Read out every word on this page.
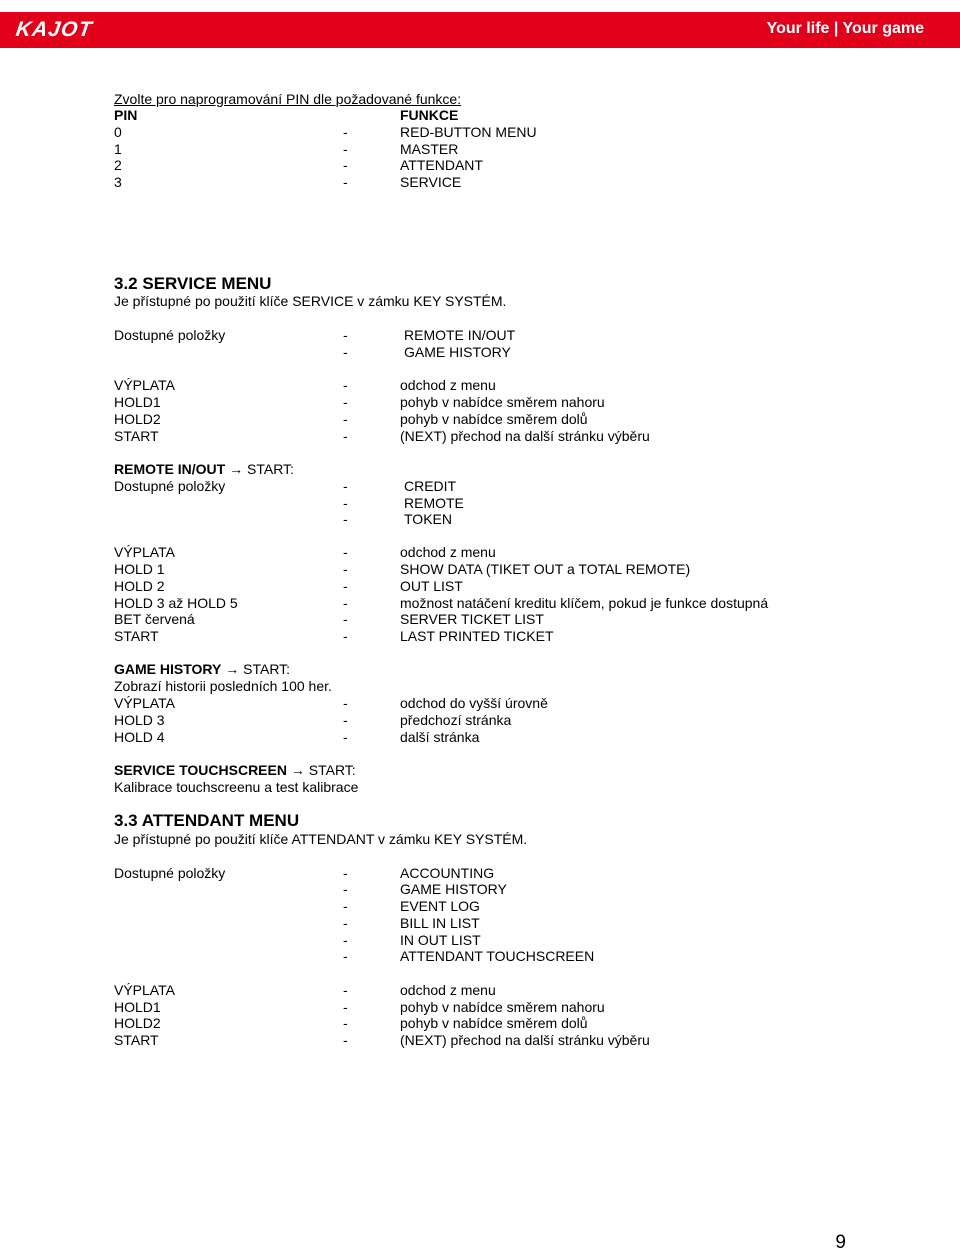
KAJOT	Your life | Your game
Zvolte pro naprogramování PIN dle požadované funkce:
PIN	FUNKCE
0	-	RED-BUTTON MENU
1	-	MASTER
2	-	ATTENDANT
3	-	SERVICE
3.2 SERVICE MENU
Je přístupné po použití klíče SERVICE v zámku KEY SYSTÉM.
Dostupné položky	-	REMOTE IN/OUT
-	GAME HISTORY
VÝPLATA	-	odchod z menu
HOLD1	-	pohyb v nabídce směrem nahoru
HOLD2	-	pohyb v nabídce směrem dolů
START	-	(NEXT) přechod na další stránku výběru
REMOTE IN/OUT → START:
Dostupné položky	-	CREDIT
-	REMOTE
-	TOKEN
VÝPLATA	-	odchod z menu
HOLD 1	-	SHOW DATA (TIKET OUT a TOTAL REMOTE)
HOLD 2	-	OUT LIST
HOLD 3 až HOLD 5	-	možnost natáčení kreditu klíčem, pokud je funkce dostupná
BET červená	-	SERVER TICKET LIST
START	-	LAST PRINTED TICKET
GAME HISTORY → START:
Zobrazí historii posledních 100 her.
VÝPLATA	-	odchod do vyšší úrovně
HOLD 3	-	předchozí stránka
HOLD 4	-	další stránka
SERVICE TOUCHSCREEN → START:
Kalibrace touchscreenu a test kalibrace
3.3 ATTENDANT MENU
Je přístupné po použití klíče ATTENDANT v zámku KEY SYSTÉM.
Dostupné položky	-	ACCOUNTING
-	GAME HISTORY
-	EVENT LOG
-	BILL IN LIST
-	IN OUT LIST
-	ATTENDANT TOUCHSCREEN
VÝPLATA	-	odchod z menu
HOLD1	-	pohyb v nabídce směrem nahoru
HOLD2	-	pohyb v nabídce směrem dolů
START	-	(NEXT) přechod na další stránku výběru
9
